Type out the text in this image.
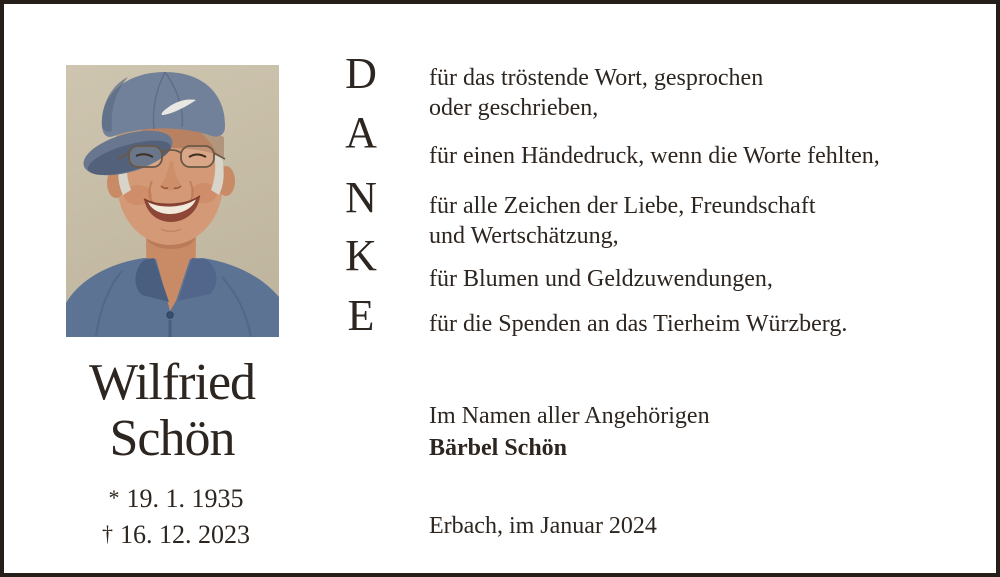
Wilfried
Schön
* 19. 1. 1935
† 16. 12. 2023
D
A
N
K
E
für das tröstende Wort, gesprochen
oder geschrieben,
für einen Händedruck, wenn die Worte fehlten,
für alle Zeichen der Liebe, Freundschaft
und Wertschätzung,
für Blumen und Geldzuwendungen,
für die Spenden an das Tierheim Würzberg.
Im Namen aller Angehörigen
Bärbel Schön
Erbach, im Januar 2024
